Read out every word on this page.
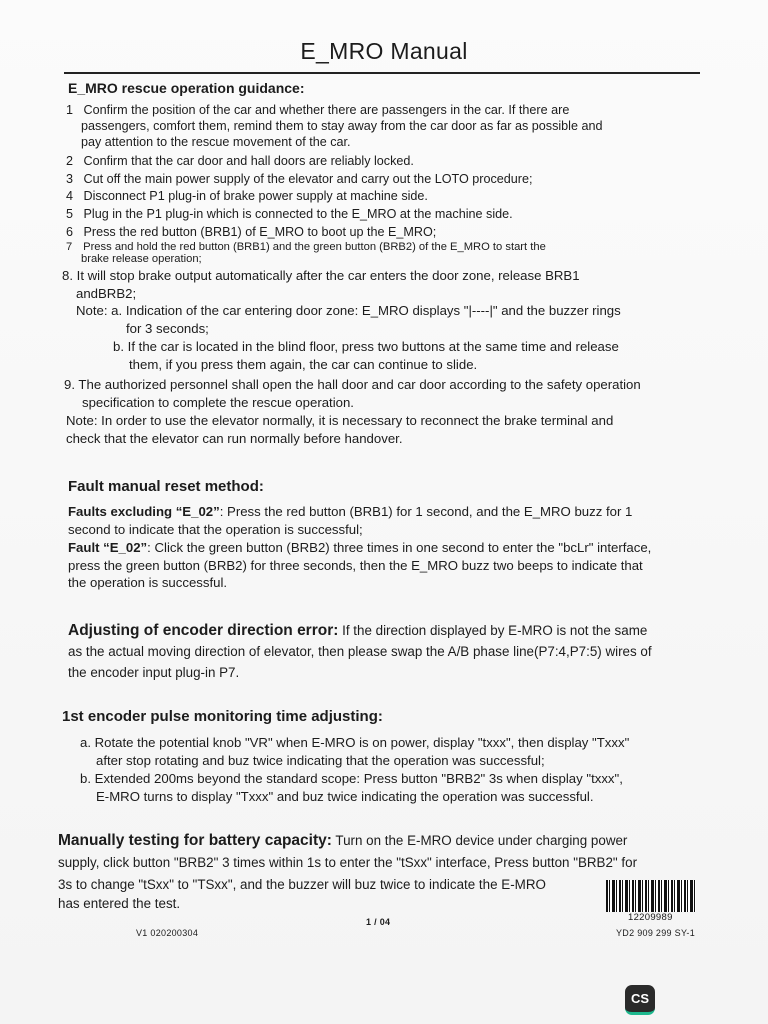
E_MRO Manual
E_MRO rescue operation guidance:
1 Confirm the position of the car and whether there are passengers in the car. If there are
passengers, comfort them, remind them to stay away from the car door as far as possible and
pay attention to the rescue movement of the car.
2 Confirm that the car door and hall doors are reliably locked.
3 Cut off the main power supply of the elevator and carry out the LOTO procedure;
4 Disconnect P1 plug-in of brake power supply at machine side.
5 Plug in the P1 plug-in which is connected to the E_MRO at the machine side.
6 Press the red button (BRB1) of E_MRO to boot up the E_MRO;
7 Press and hold the red button (BRB1) and the green button (BRB2) of the E_MRO to start the
brake release operation;
8. It will stop brake output automatically after the car enters the door zone, release BRB1
andBRB2;
Note: a. Indication of the car entering door zone: E_MRO displays "|----|" and the buzzer rings
for 3 seconds;
b. If the car is located in the blind floor, press two buttons at the same time and release
them, if you press them again, the car can continue to slide.
9. The authorized personnel shall open the hall door and car door according to the safety operation
specification to complete the rescue operation.
Note: In order to use the elevator normally, it is necessary to reconnect the brake terminal and
check that the elevator can run normally before handover.
Fault manual reset method:
Faults excluding “E_02”: Press the red button (BRB1) for 1 second, and the E_MRO buzz for 1
second to indicate that the operation is successful;
Fault “E_02”: Click the green button (BRB2) three times in one second to enter the "bcLr" interface,
press the green button (BRB2) for three seconds, then the E_MRO buzz two beeps to indicate that
the operation is successful.
Adjusting of encoder direction error: If the direction displayed by E-MRO is not the same
as the actual moving direction of elevator, then please swap the A/B phase line(P7:4,P7:5) wires of
the encoder input plug-in P7.
1st encoder pulse monitoring time adjusting:
a. Rotate the potential knob "VR" when E-MRO is on power, display "txxx", then display "Txxx"
after stop rotating and buz twice indicating that the operation was successful;
b. Extended 200ms beyond the standard scope: Press button "BRB2" 3s when display "txxx",
E-MRO turns to display "Txxx" and buz twice indicating the operation was successful.
Manually testing for battery capacity: Turn on the E-MRO device under charging power
supply, click button "BRB2" 3 times within 1s to enter the "tSxx" interface, Press button "BRB2" for
3s to change "tSxx" to "TSxx", and the buzzer will buz twice to indicate the E-MRO
has entered the test.
12209989
YD2 909 299 SY-1
1 / 04
V1 020200304
CS
